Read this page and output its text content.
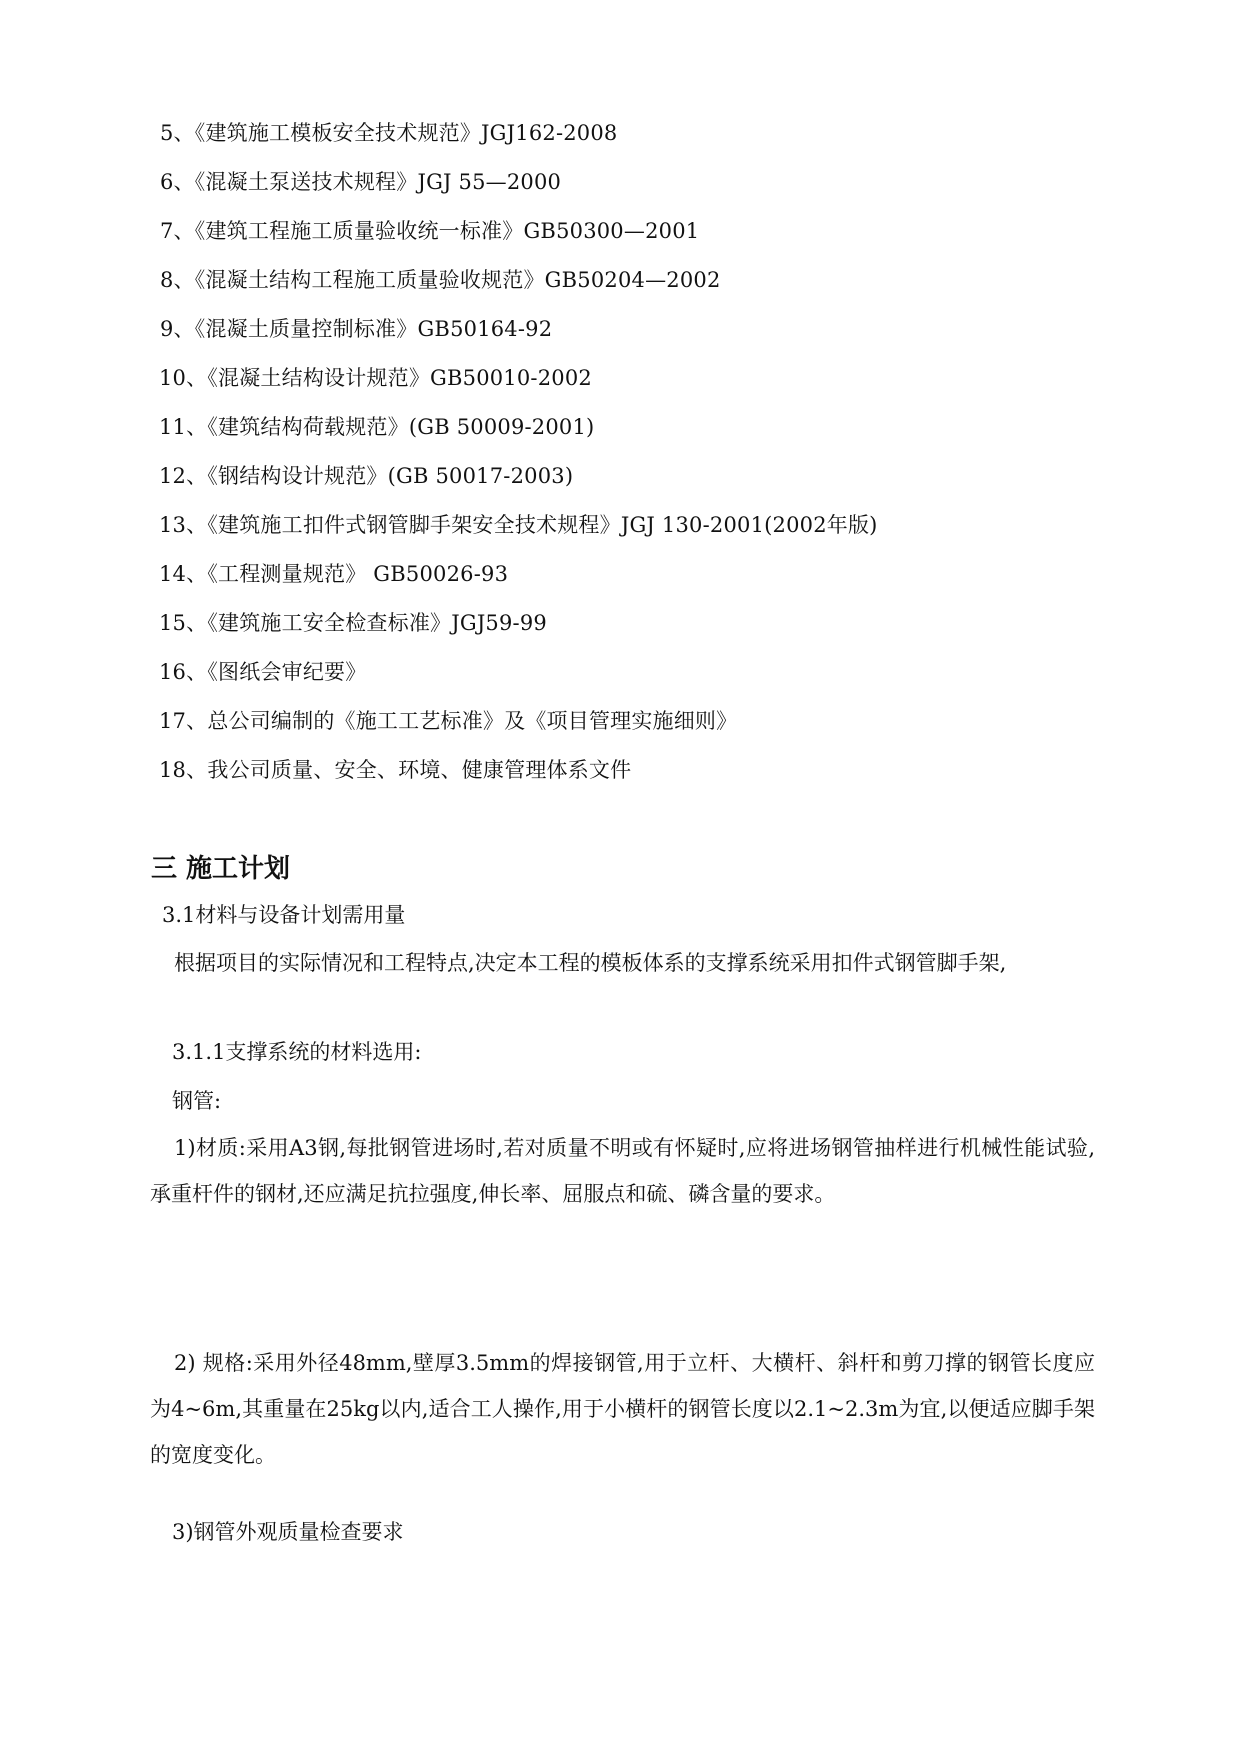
5、《建筑施工模板安全技术规范》JGJ162-2008
6、《混凝土泵送技术规程》JGJ 55—2000
7、《建筑工程施工质量验收统一标准》GB50300—2001
8、《混凝土结构工程施工质量验收规范》GB50204—2002
9、《混凝土质量控制标准》GB50164-92
10、《混凝土结构设计规范》GB50010-2002
11、《建筑结构荷载规范》(GB 50009-2001)
12、《钢结构设计规范》(GB 50017-2003)
13、《建筑施工扣件式钢管脚手架安全技术规程》JGJ 130-2001(2002年版)
14、《工程测量规范》 GB50026-93
15、《建筑施工安全检查标准》JGJ59-99
16、《图纸会审纪要》
17、总公司编制的《施工工艺标准》及《项目管理实施细则》
18、我公司质量、安全、环境、健康管理体系文件
三 施工计划

3.1材料与设备计划需用量

根据项目的实际情况和工程特点,决定本工程的模板体系的支撑系统采用扣件式钢管脚手架,

3.1.1支撑系统的材料选用:

钢管:

1)材质:采用A3钢,每批钢管进场时,若对质量不明或有怀疑时,应将进场钢管抽样进行机械性能试验,承重杆件的钢材,还应满足抗拉强度,伸长率、屈服点和硫、磷含量的要求。

2) 规格:采用外径48mm,壁厚3.5mm的焊接钢管,用于立杆、大横杆、斜杆和剪刀撑的钢管长度应为4~6m,其重量在25kg以内,适合工人操作,用于小横杆的钢管长度以2.1~2.3m为宜,以便适应脚手架的宽度变化。

3)钢管外观质量检查要求
